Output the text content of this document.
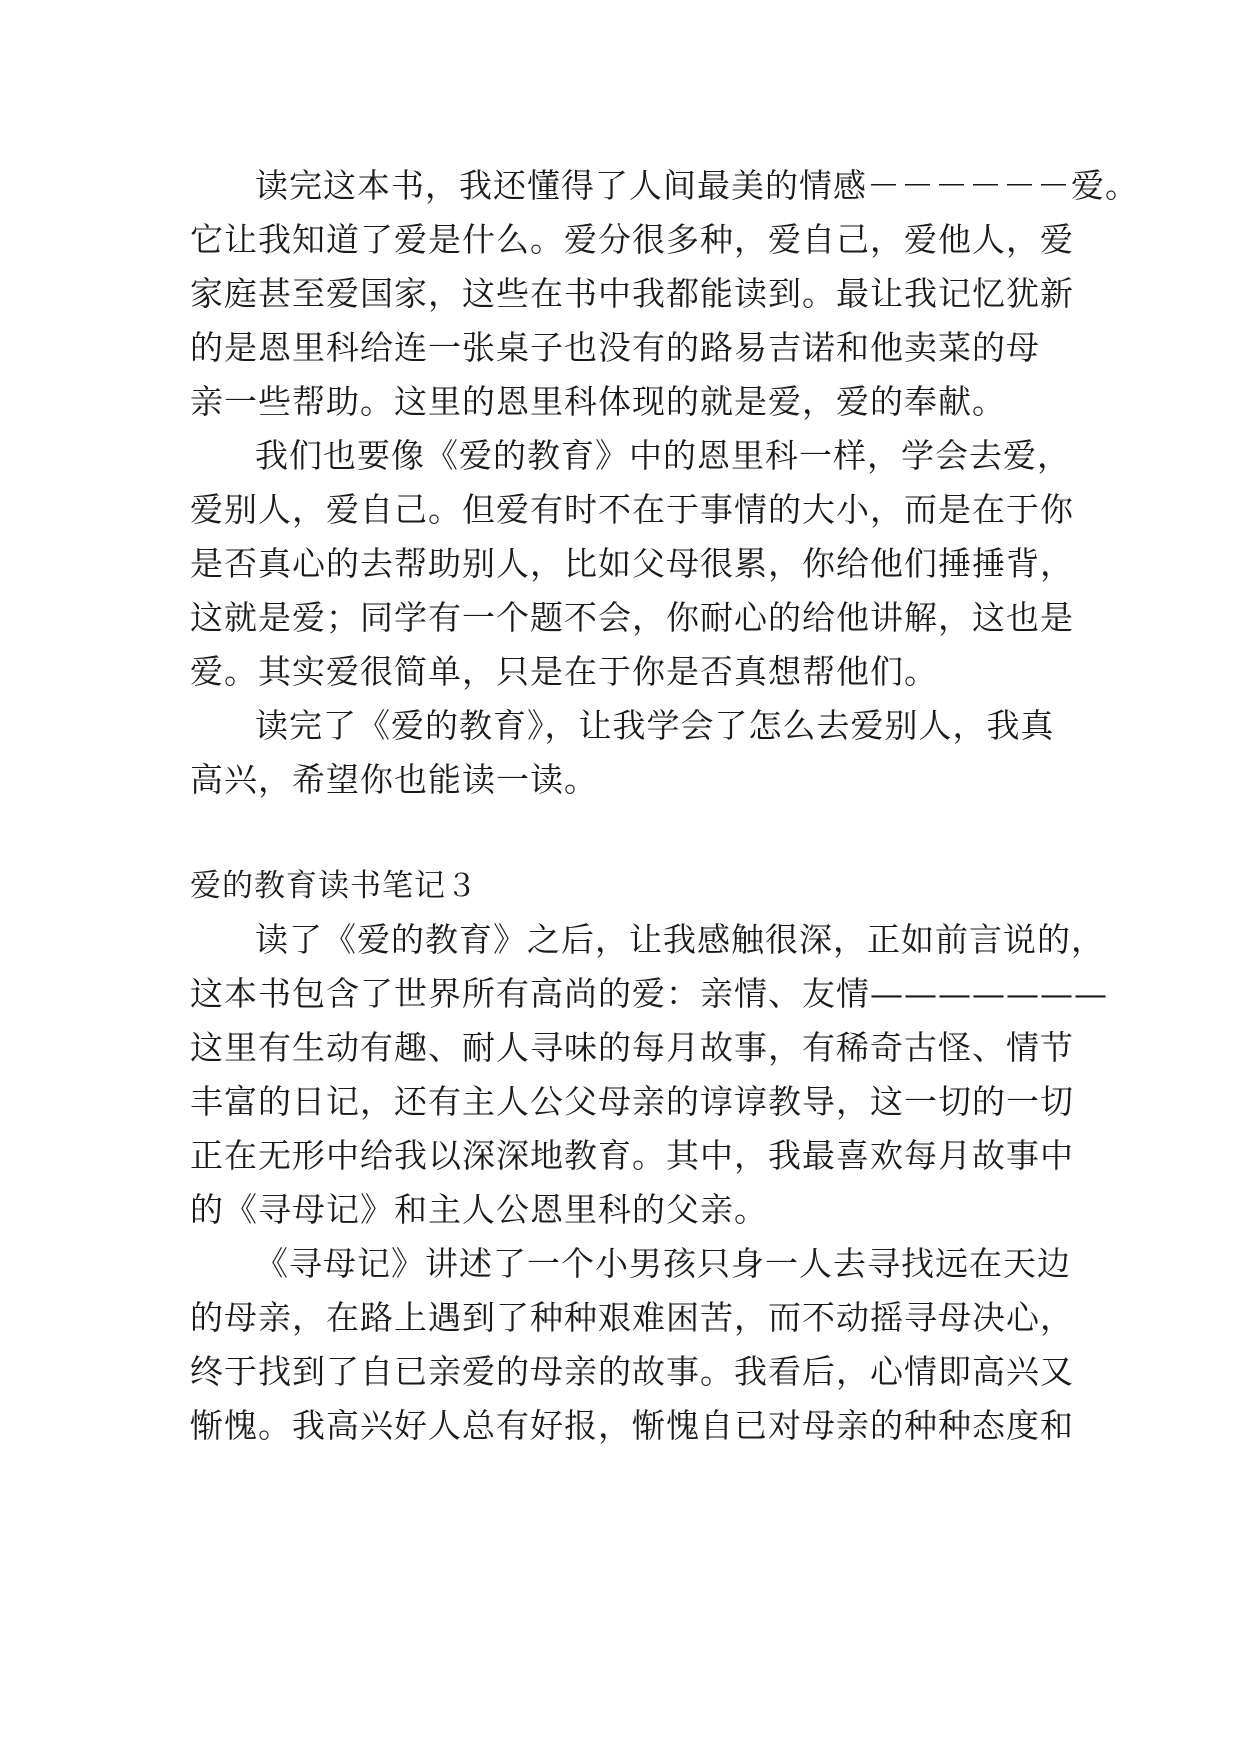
读完这本书，我还懂得了人间最美的情感－－－－－－爱。
它让我知道了爱是什么。爱分很多种，爱自己，爱他人，爱
家庭甚至爱国家，这些在书中我都能读到。最让我记忆犹新
的是恩里科给连一张桌子也没有的路易吉诺和他卖菜的母
亲一些帮助。这里的恩里科体现的就是爱，爱的奉献。
我们也要像《爱的教育》中的恩里科一样，学会去爱，
爱别人，爱自己。但爱有时不在于事情的大小，而是在于你
是否真心的去帮助别人，比如父母很累，你给他们捶捶背，
这就是爱；同学有一个题不会，你耐心的给他讲解，这也是
爱。其实爱很简单，只是在于你是否真想帮他们。
读完了《爱的教育》，让我学会了怎么去爱别人，我真
高兴，希望你也能读一读。
爱的教育读书笔记３
读了《爱的教育》之后，让我感触很深，正如前言说的，
这本书包含了世界所有高尚的爱：亲情、友情———————
这里有生动有趣、耐人寻味的每月故事，有稀奇古怪、情节
丰富的日记，还有主人公父母亲的谆谆教导，这一切的一切
正在无形中给我以深深地教育。其中，我最喜欢每月故事中
的《寻母记》和主人公恩里科的父亲。
《寻母记》讲述了一个小男孩只身一人去寻找远在天边
的母亲，在路上遇到了种种艰难困苦，而不动摇寻母决心，
终于找到了自已亲爱的母亲的故事。我看后，心情即高兴又
惭愧。我高兴好人总有好报，惭愧自已对母亲的种种态度和
